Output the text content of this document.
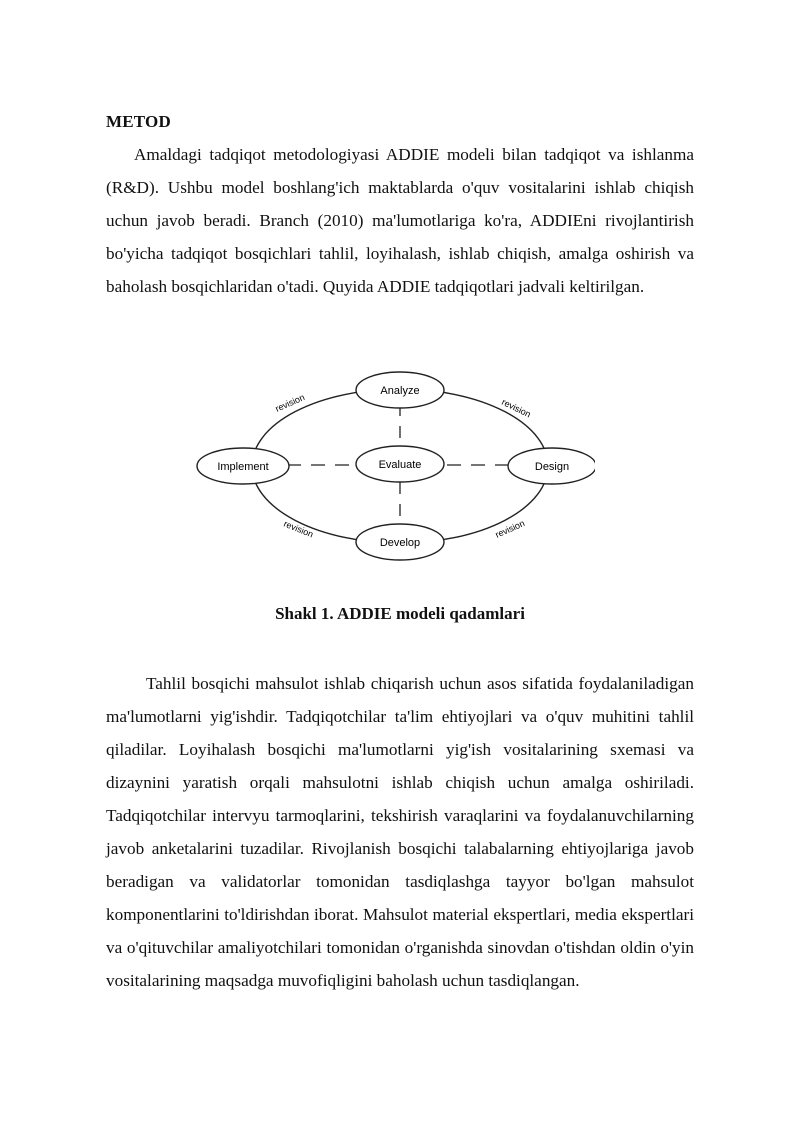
METOD
Amaldagi tadqiqot metodologiyasi ADDIE modeli bilan tadqiqot va ishlanma (R&D). Ushbu model boshlang'ich maktablarda o'quv vositalarini ishlab chiqish uchun javob beradi. Branch (2010) ma'lumotlariga ko'ra, ADDIEni rivojlantirish bo'yicha tadqiqot bosqichlari tahlil, loyihalash, ishlab chiqish, amalga oshirish va baholash bosqichlaridan o'tadi. Quyida ADDIE tadqiqotlari jadvali keltirilgan.
Analyze
Evaluate
Implement	Design
Develop
revision	revision
revision	revision
Shakl 1. ADDIE modeli qadamlari
Tahlil bosqichi mahsulot ishlab chiqarish uchun asos sifatida foydalaniladigan ma'lumotlarni yig'ishdir. Tadqiqotchilar ta'lim ehtiyojlari va o'quv muhitini tahlil qiladilar. Loyihalash bosqichi ma'lumotlarni yig'ish vositalarining sxemasi va dizaynini yaratish orqali mahsulotni ishlab chiqish uchun amalga oshiriladi. Tadqiqotchilar intervyu tarmoqlarini, tekshirish varaqlarini va foydalanuvchilarning javob anketalarini tuzadilar. Rivojlanish bosqichi talabalarning ehtiyojlariga javob beradigan va validatorlar tomonidan tasdiqlashga tayyor bo'lgan mahsulot komponentlarini to'ldirishdan iborat. Mahsulot material ekspertlari, media ekspertlari va o'qituvchilar amaliyotchilari tomonidan o'rganishda sinovdan o'tishdan oldin o'yin vositalarining maqsadga muvofiqligini baholash uchun tasdiqlangan.
